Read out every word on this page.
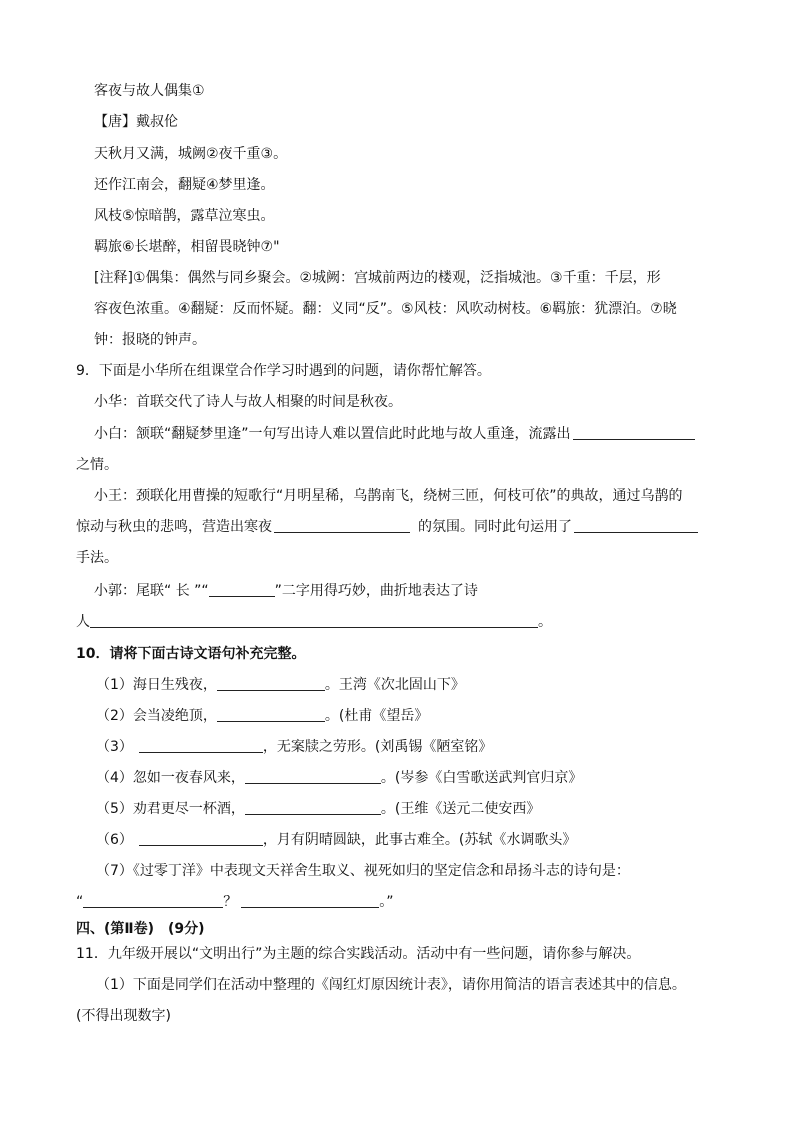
客夜与故人偶集①
【唐】戴叔伦
天秋月又满，城阙②夜千重③。
还作江南会，翻疑④梦里逢。
风枝⑤惊暗鹊，露草泣寒虫。
羁旅⑥长堪醉，相留畏晓钟⑦"
[注释]①偶集：偶然与同乡聚会。②城阙：宫城前两边的楼观，泛指城池。③千重：千层，形
容夜色浓重。④翻疑：反而怀疑。翻：义同“反”。⑤风枝：风吹动树枝。⑥羁旅：犹漂泊。⑦晓
钟：报晓的钟声。
9．下面是小华所在组课堂合作学习时遇到的问题，请你帮忙解答。
小华：首联交代了诗人与故人相聚的时间是秋夜。
小白：颔联“翻疑梦里逢”一句写出诗人难以置信此时此地与故人重逢，流露出
之情。
小王：颈联化用曹操的短歌行“月明星稀，乌鹊南飞，绕树三匝，何枝可依”的典故，通过乌鹊的
惊动与秋虫的悲鸣，营造出寒夜	的氛围。同时此句运用了
手法。
小郭：尾联“ 长 ”“	”二字用得巧妙，曲折地表达了诗
人	。
10．请将下面古诗文语句补充完整。
（1）海日生残夜，	。王湾《次北固山下》
（2）会当凌绝顶，	。(杜甫《望岳》
（3）	，无案牍之劳形。(刘禹锡《陋室铭》
（4）忽如一夜春风来，	。(岑参《白雪歌送武判官归京》
（5）劝君更尽一杯酒，	。(王维《送元二使安西》
（6）	，月有阴晴圆缺，此事古难全。(苏轼《水调歌头》
（7）《过零丁洋》中表现文天祥舍生取义、视死如归的坚定信念和昂扬斗志的诗句是：
“	？	。”
四、(第Ⅱ卷)　(9分)
11．九年级开展以“文明出行”为主题的综合实践活动。活动中有一些问题，请你参与解决。
（1）下面是同学们在活动中整理的《闯红灯原因统计表》，请你用简洁的语言表述其中的信息。
(不得出现数字)
